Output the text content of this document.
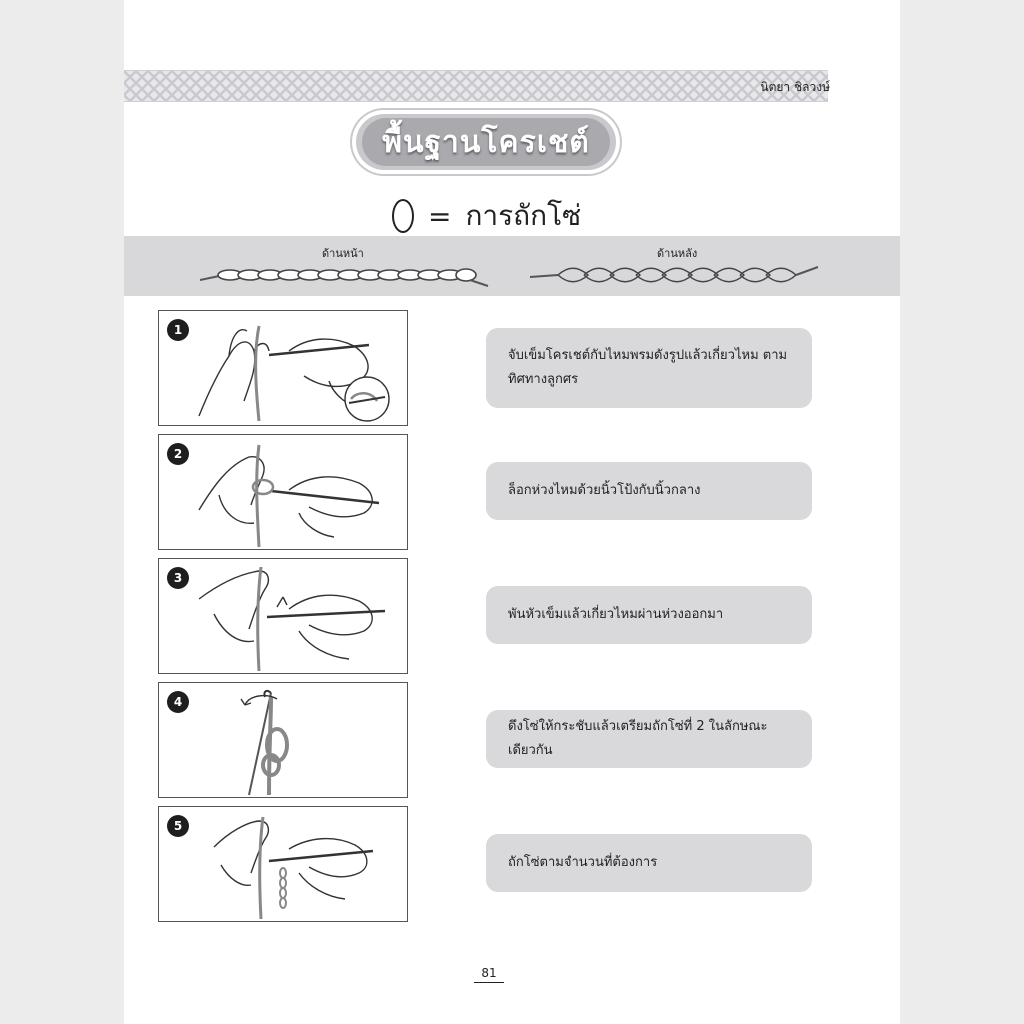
นิตยา ชิลวงษ์
พื้นฐานโครเชต์
= การถักโซ่
ด้านหน้า	ด้านหลัง
1
จับเข็มโครเชต์กับไหมพรมดังรูปแล้วเกี่ยวไหม ตามทิศทางลูกศร
2
ล็อกห่วงไหมด้วยนิ้วโป้งกับนิ้วกลาง
3
พันหัวเข็มแล้วเกี่ยวไหมผ่านห่วงออกมา
4
ดึงโซ่ให้กระชับแล้วเตรียมถักโซ่ที่ 2 ในลักษณะเดียวกัน
5
ถักโซ่ตามจำนวนที่ต้องการ
81
